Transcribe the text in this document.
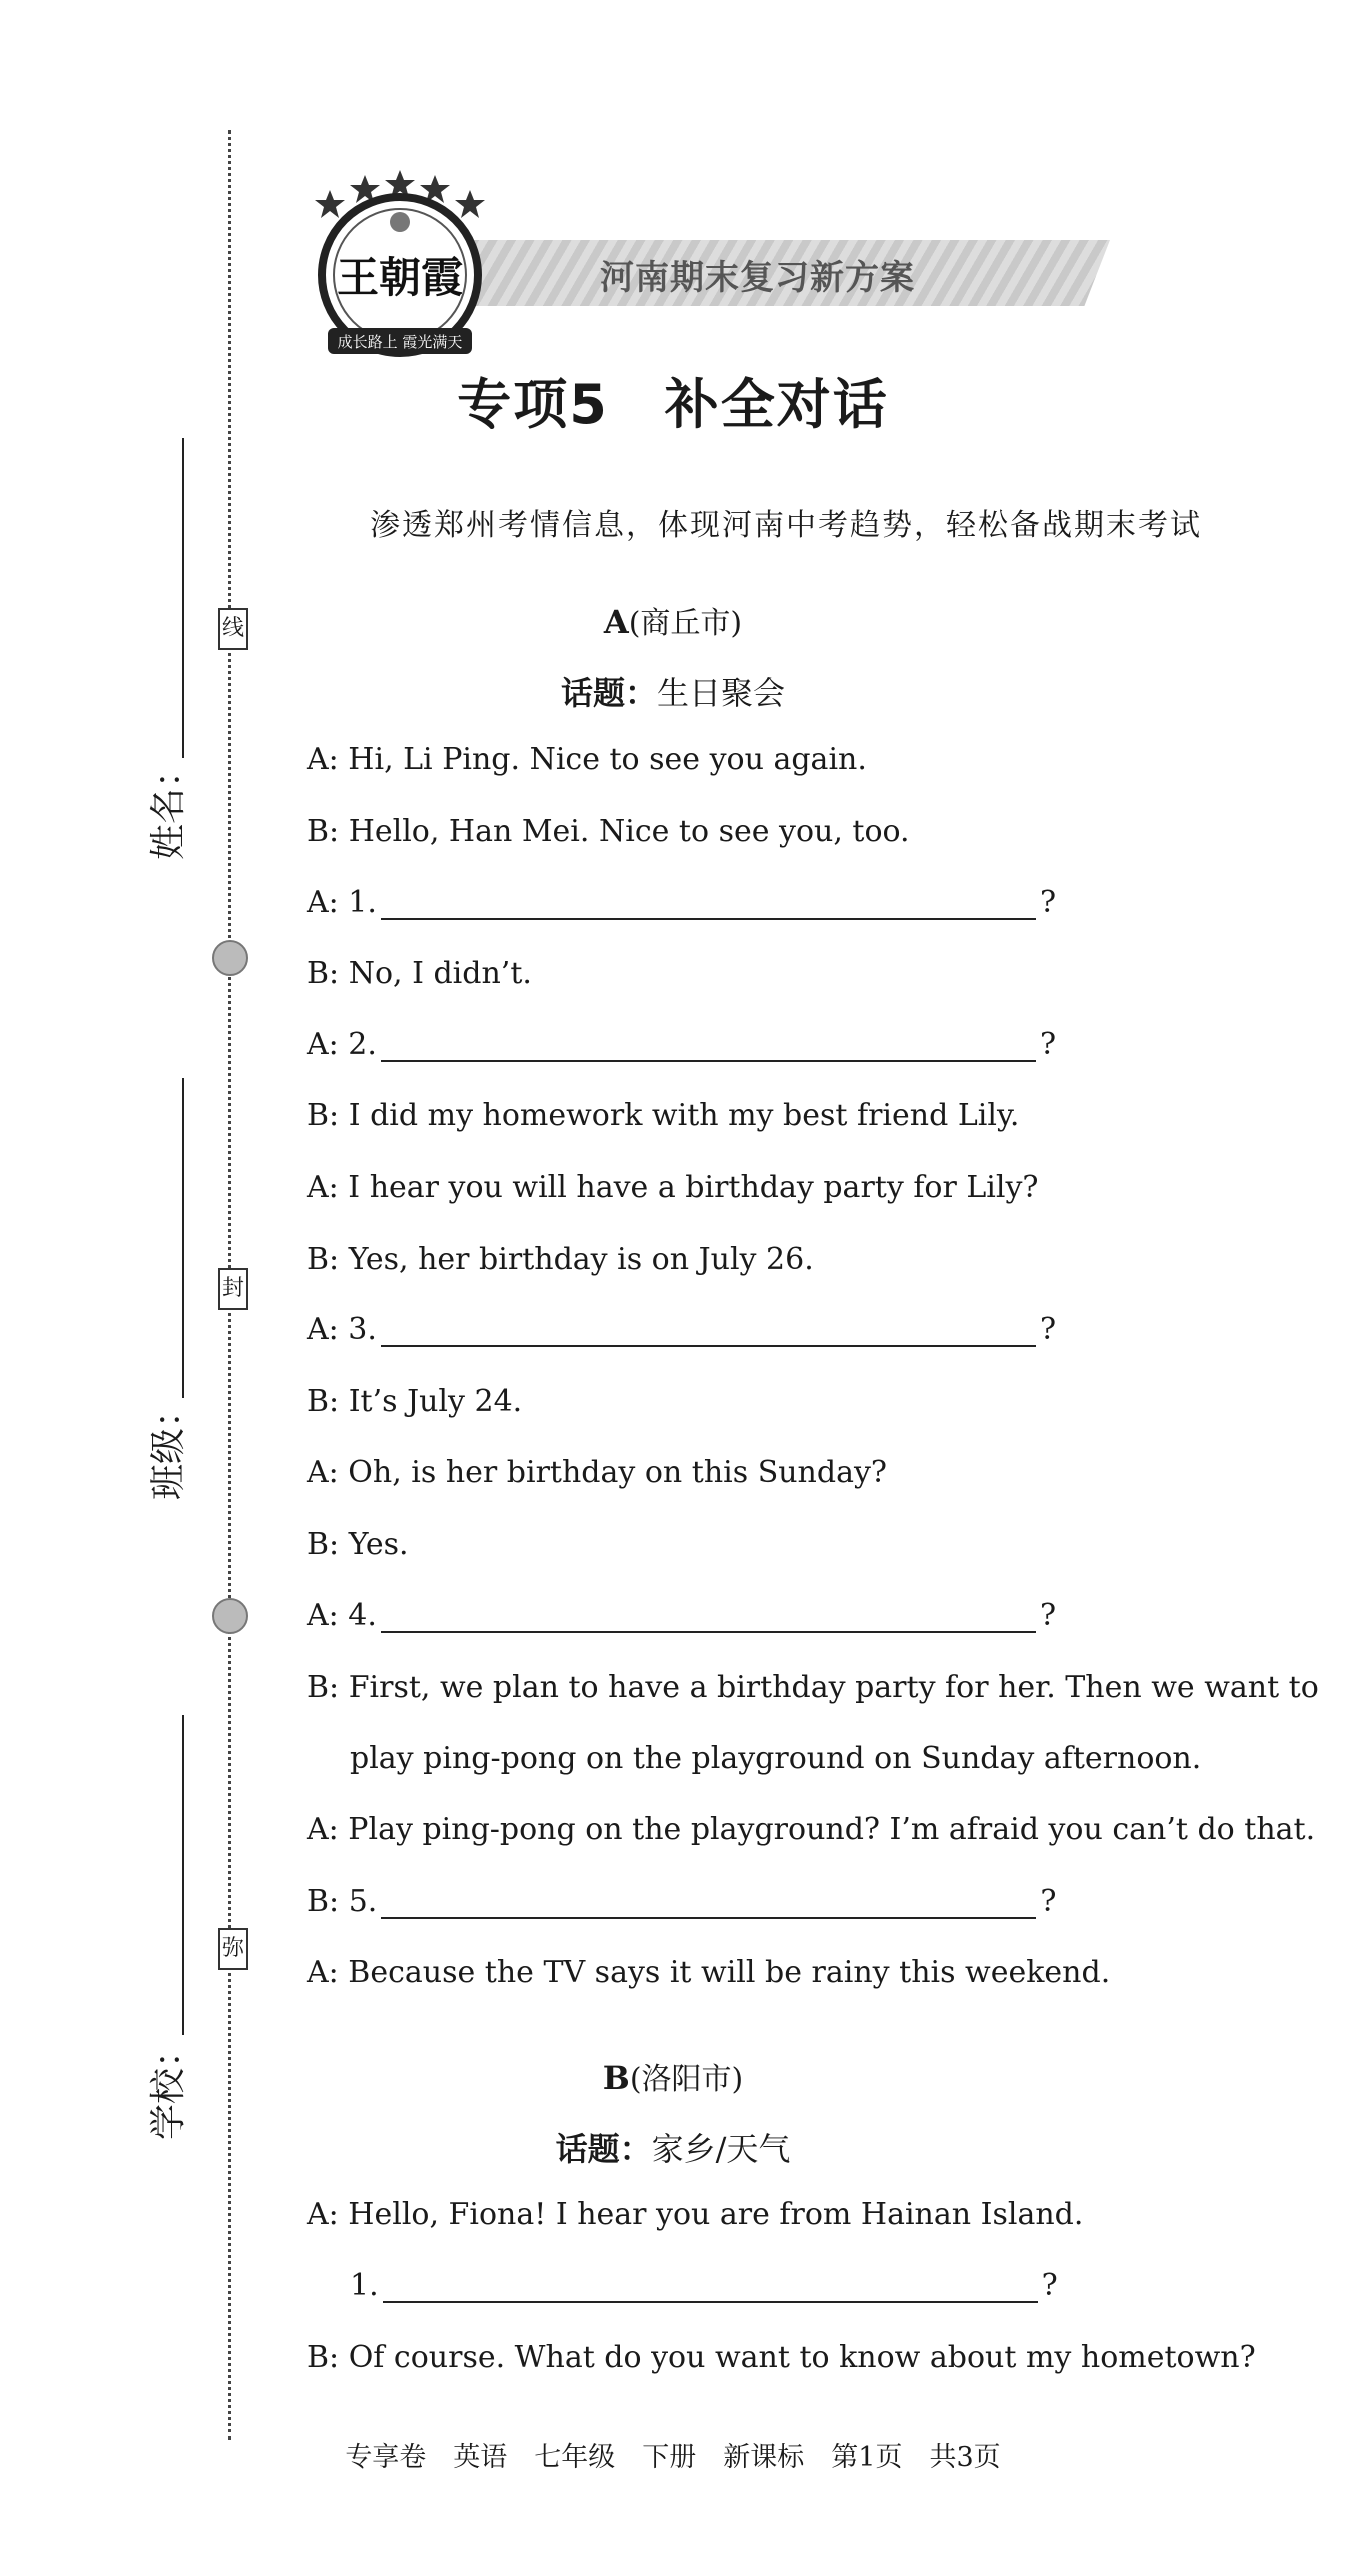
线
封
弥
姓名：
班级：
学校：
河南期末复习新方案
王朝霞
成长路上 霞光满天
专项5　补全对话
渗透郑州考情信息，体现河南中考趋势，轻松备战期末考试
A(商丘市)
话题：生日聚会
A: Hi, Li Ping. Nice to see you again.
B: Hello, Han Mei. Nice to see you, too.
A: 1.	?
B: No, I didn’t.
A: 2.	?
B: I did my homework with my best friend Lily.
A: I hear you will have a birthday party for Lily?
B: Yes, her birthday is on July 26.
A: 3.	?
B: It’s July 24.
A: Oh, is her birthday on this Sunday?
B: Yes.
A: 4.	?
B: First, we plan to have a birthday party for her. Then we want to
play ping-pong on the playground on Sunday afternoon.
A: Play ping-pong on the playground? I’m afraid you can’t do that.
B: 5.	?
A: Because the TV says it will be rainy this weekend.
B(洛阳市)
话题：家乡/天气
A: Hello, Fiona! I hear you are from Hainan Island.
1.	?
B: Of course. What do you want to know about my hometown?
专享卷　英语　七年级　下册　新课标　第1页　共3页
